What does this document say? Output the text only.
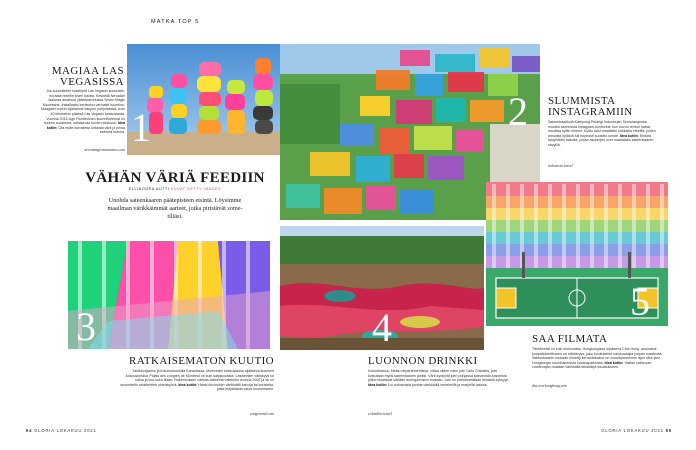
MATKA TOP 5
1
MAGIAA LAS
VEGASISSA
Jos suunnittelet roadtripiä Las Vegasin suunnalle, huraata reiteille kiveri kautta. Keskellä Nevadan laakeaa aroaluua yllätelpalvelussa Seven Magic Mountains -installaatio kertautuu varmasti huomion. Maagiset vuoret sijaitsevat kaupun pohjoisessa, noin 40 kilometrin päässä Las Vegasin keskustasta. Vuonna 2016 Ugo Rondinonen suunnittelemat on suuren suosioma, valaisevaa kuvien keskuus. Idea kotiin: Ota esille korostetut kirkkaat värit ja pinoa esineitä kotona.
sevenmagicmountains.com
2 SLUMMISTA
INSTAGRAMIIN
Sateenkaarikylä Kampung Pelangi Indonesian Semarangessa muuttui slummista Instagram-kohteeksi, kun kuvun rehtori halusi muuttaa kylän ilmeen. Kylän talot maalattiin kirkkailla väreillä, joiden ansiosta kylästä tuli nopeasti suosittu kohde. Idea kotiin: Ehdota taloyhtiölle talkoita, joissa asuntojen ovet maalataan sateenkaaren sävyillä.
indonesia.travel
VÄHÄN VÄRIÄ FEEDIIN
ELLINOORA AUTTI KUVAT GETTY IMAGES
Unohda sateenkaaren päätepisteen etsintä. Löysimme maailman värikkäimmät aarteet, jotka piristävät some-tiliäsi.
3
RATKAISEMATON KUUTIO
Taidekorjaamo ja kokoontumistila Kanadassa. Montrealin keskustassa sijaitseva ikoninen kokouskeskus Palais des congrès de Montréal on kuin sarjakuvasta. Lasiseinien värikkyys toi valoa ja iloa koko tilaan. Rakennuksen värikäs lasiseinä valmistui vuonna 2002 ja se on suunniteltu arkkitehtien yhteistyönä. Idea kotiin: Hanki ikkunoihin värikkäitä kalvoja tai koristeita, jotka heijastavat valoa huoneeseen.
congresmtl.com
4
LUONNON DRINKKI
Kolumbiassa, Metan departementissa, virtaa viiden värin joki Caño Cristales, jota kutsutaan myös sateenkaaren joeksi. Värit syntyvät joen pohjassa kasvavista kasveista, jotka muuttavat väriään auringonvalon mukaan. Joki on parhaimmillaan kesästä syksyyn. Idea kotiin: Loi aurinkoisia juomia värikkäillä hedelmillä ja marjoilla lasissa.
colombia.travel
5
SAA FILMATA
Tähtikenttä on kuin elokuvasta. Hongkongissa sijaitseva Choi Hung -asuinalue koripallokenttineen on nähtävyys, joka houkuttelee valokuvaajia ympäri maailmaa. Sateenkaaren mukaan nimetty kerrostaloalue on vuosikymmenien ajan ollut yksi Hongkongin suosituimmista kuvauspaikoista. Idea kotiin: Valitse vaihtuvan vuodenajan mukaan värikkäitä tekstiilejä sisustukseen.
discoverhongkong.com
64 GLORIA LOKAKUU 2021	GLORIA LOKAKUU 2021 65
